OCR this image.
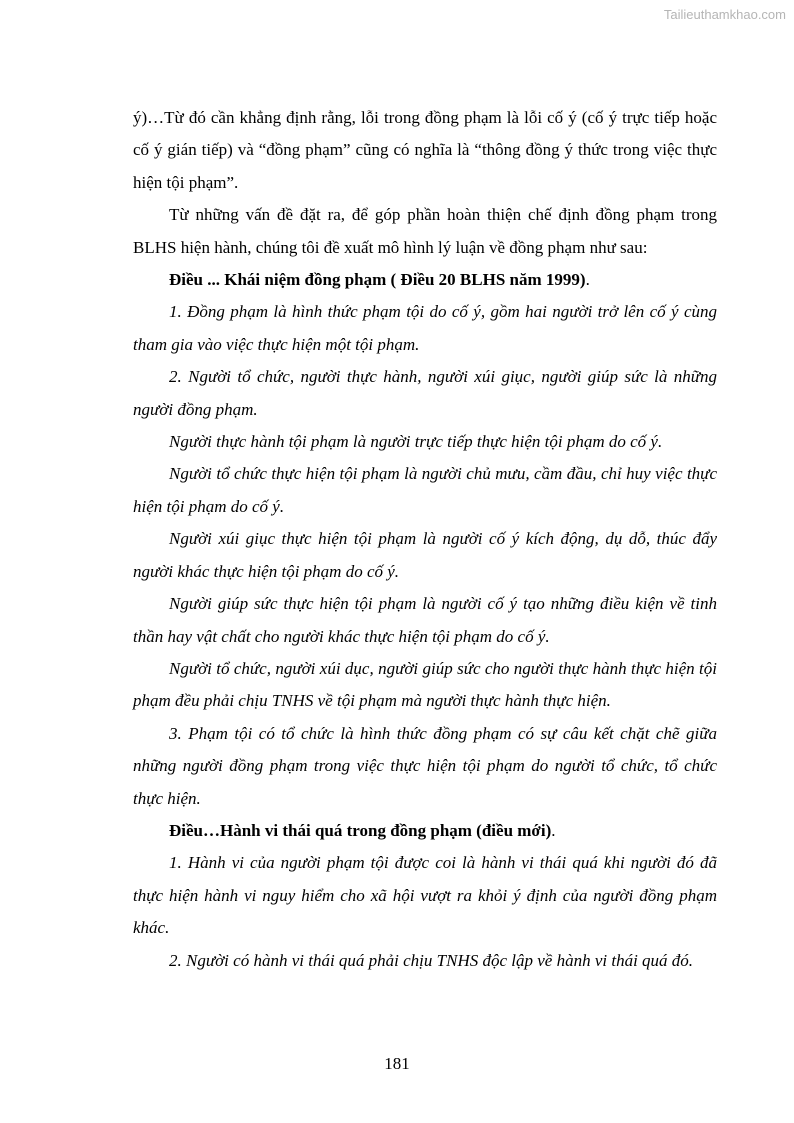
Tailieuthamkhao.com

ý)…Từ đó cần khẳng định rằng, lỗi trong đồng phạm là lỗi cố ý (cố ý trực tiếp hoặc cố ý gián tiếp) và “đồng phạm” cũng có nghĩa là “thông đồng ý thức trong việc thực hiện tội phạm”.

Từ những vấn đề đặt ra, để góp phần hoàn thiện chế định đồng phạm trong BLHS hiện hành, chúng tôi đề xuất mô hình lý luận về đồng phạm như sau:

Điều ... Khái niệm đồng phạm ( Điều 20 BLHS năm 1999).

1. Đồng phạm là hình thức phạm tội do cố ý, gồm hai người trở lên cố ý cùng tham gia vào việc thực hiện một tội phạm.

2. Người tổ chức, người thực hành, người xúi giục, người giúp sức là những người đồng phạm.

Người thực hành tội phạm là người trực tiếp thực hiện tội phạm do cố ý.

Người tổ chức thực hiện tội phạm là người chủ mưu, cầm đầu, chỉ huy việc thực hiện tội phạm do cố ý.

Người xúi giục thực hiện tội phạm là người cố ý kích động, dụ dỗ, thúc đẩy người khác thực hiện tội phạm do cố ý.

Người giúp sức thực hiện tội phạm là người cố ý tạo những điều kiện về tinh thần hay vật chất cho người khác thực hiện tội phạm do cố ý.

Người tổ chức, người xúi dục, người giúp sức cho người thực hành thực hiện tội phạm đều phải chịu TNHS về tội phạm mà người thực hành thực hiện.

3. Phạm tội có tổ chức là hình thức đồng phạm có sự câu kết chặt chẽ giữa những người đồng phạm trong việc thực hiện tội phạm do người tổ chức, tổ chức thực hiện.

Điều…Hành vi thái quá trong đồng phạm (điều mới).

1. Hành vi của người phạm tội được coi là hành vi thái quá khi người đó đã thực hiện hành vi nguy hiểm cho xã hội vượt ra khỏi ý định của người đồng phạm khác.

2. Người có hành vi thái quá phải chịu TNHS độc lập về hành vi thái quá đó.

181
